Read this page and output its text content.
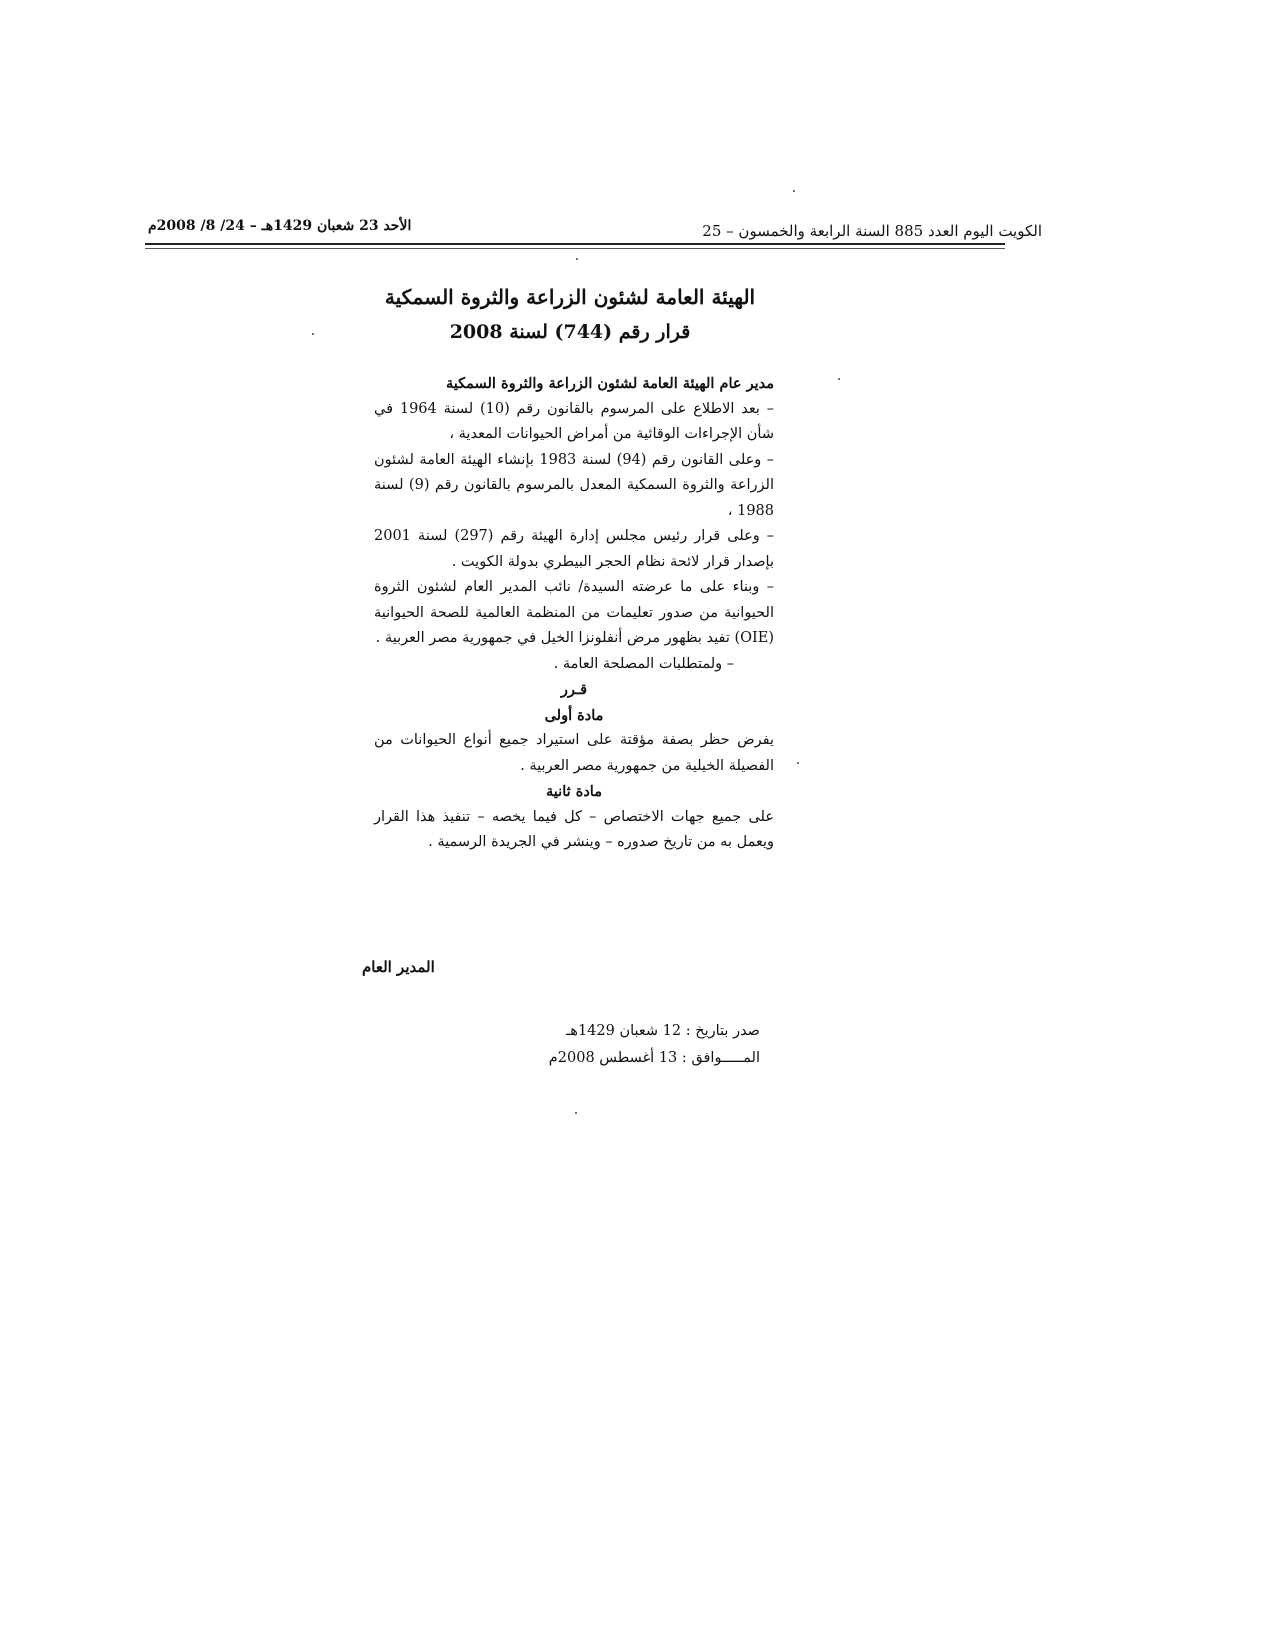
الأحد 23 شعبان 1429هـ – 24/ 8/ 2008م	الكويت اليوم العدد 885 السنة الرابعة والخمسون – 25

الهيئة العامة لشئون الزراعة والثروة السمكية

قرار رقم (744) لسنة 2008

مدير عام الهيئة العامة لشئون الزراعة والثروة السمكية

– بعد الاطلاع على المرسوم بالقانون رقم (10) لسنة 1964 في شأن الإجراءات الوقائية من أمراض الحيوانات المعدية ،

– وعلى القانون رقم (94) لسنة 1983 بإنشاء الهيئة العامة لشئون الزراعة والثروة السمكية المعدل بالمرسوم بالقانون رقم (9) لسنة 1988 ،

– وعلى قرار رئيس مجلس إدارة الهيئة رقم (297) لسنة 2001 بإصدار قرار لائحة نظام الحجر البيطري بدولة الكويت .

– وبناء على ما عرضته السيدة/ نائب المدير العام لشئون الثروة الحيوانية من صدور تعليمات من المنظمة العالمية للصحة الحيوانية (OIE) تفيد بظهور مرض أنفلونزا الخيل في جمهورية مصر العربية .

– ولمتطلبات المصلحة العامة .

قـرر

مادة أولى

يفرض حظر بصفة مؤقتة على استيراد جميع أنواع الحيوانات من الفصيلة الخيلية من جمهورية مصر العربية .

مادة ثانية

على جميع جهات الاختصاص – كل فيما يخصه – تنفيذ هذا القرار ويعمل به من تاريخ صدوره – وينشر في الجريدة الرسمية .

المدير العام

صدر بتاريخ : 12 شعبان 1429هـ

المـــــوافق : 13 أغسطس 2008م
